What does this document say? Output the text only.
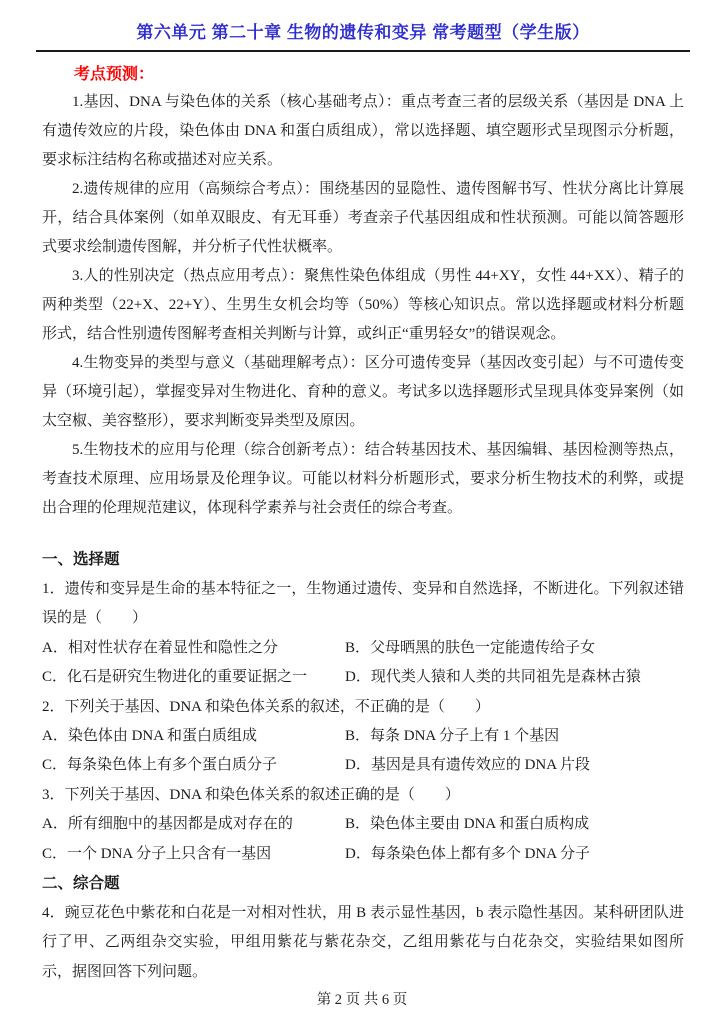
第六单元 第二十章 生物的遗传和变异 常考题型（学生版）
考点预测：

1.基因、DNA 与染色体的关系（核心基础考点）：重点考查三者的层级关系（基因是 DNA 上有遗传效应的片段，染色体由 DNA 和蛋白质组成），常以选择题、填空题形式呈现图示分析题，要求标注结构名称或描述对应关系。

2.遗传规律的应用（高频综合考点）：围绕基因的显隐性、遗传图解书写、性状分离比计算展开，结合具体案例（如单双眼皮、有无耳垂）考查亲子代基因组成和性状预测。可能以简答题形式要求绘制遗传图解，并分析子代性状概率。

3.人的性别决定（热点应用考点）：聚焦性染色体组成（男性 44+XY，女性 44+XX）、精子的两种类型（22+X、22+Y）、生男生女机会均等（50%）等核心知识点。常以选择题或材料分析题形式，结合性别遗传图解考查相关判断与计算，或纠正“重男轻女”的错误观念。

4.生物变异的类型与意义（基础理解考点）：区分可遗传变异（基因改变引起）与不可遗传变异（环境引起），掌握变异对生物进化、育种的意义。考试多以选择题形式呈现具体变异案例（如太空椒、美容整形），要求判断变异类型及原因。

5.生物技术的应用与伦理（综合创新考点）：结合转基因技术、基因编辑、基因检测等热点，考查技术原理、应用场景及伦理争议。可能以材料分析题形式，要求分析生物技术的利弊，或提出合理的伦理规范建议，体现科学素养与社会责任的综合考查。

一、选择题

1．遗传和变异是生命的基本特征之一，生物通过遗传、变异和自然选择，不断进化。下列叙述错误的是（　　）

A．相对性状存在着显性和隐性之分	B．父母晒黑的肤色一定能遗传给子女
C．化石是研究生物进化的重要证据之一	D．现代类人猿和人类的共同祖先是森林古猿

2．下列关于基因、DNA 和染色体关系的叙述，不正确的是（　　）

A．染色体由 DNA 和蛋白质组成	B．每条 DNA 分子上有 1 个基因
C．每条染色体上有多个蛋白质分子	D．基因是具有遗传效应的 DNA 片段

3．下列关于基因、DNA 和染色体关系的叙述正确的是（　　）

A．所有细胞中的基因都是成对存在的	B．染色体主要由 DNA 和蛋白质构成
C．一个 DNA 分子上只含有一基因	D．每条染色体上都有多个 DNA 分子
二、综合题

4．豌豆花色中紫花和白花是一对相对性状，用 B 表示显性基因，b 表示隐性基因。某科研团队进行了甲、乙两组杂交实验，甲组用紫花与紫花杂交，乙组用紫花与白花杂交，实验结果如图所示，据图回答下列问题。

第 2 页 共 6 页
